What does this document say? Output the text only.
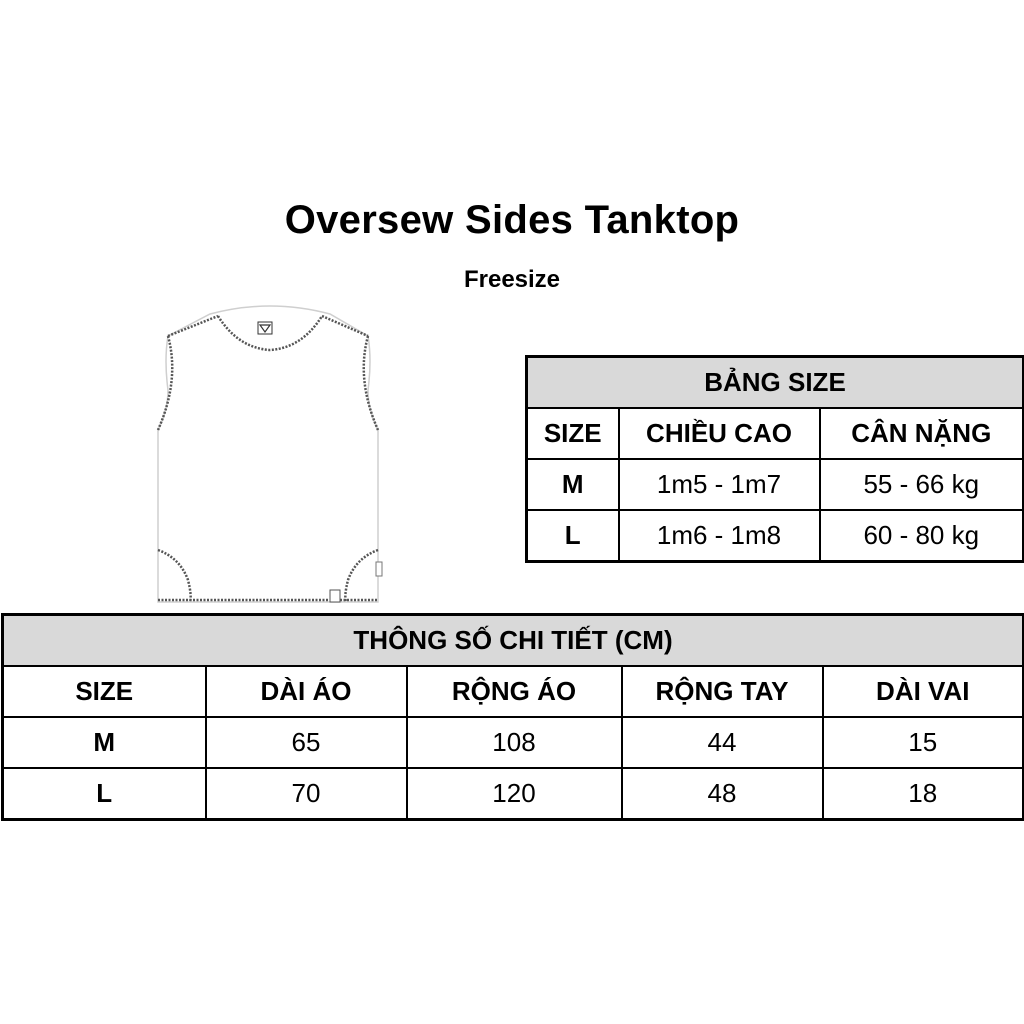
Oversew Sides Tanktop
Freesize
BẢNG SIZE		
SIZE	CHIỀU CAO	CÂN NẶNG
M	1m5 - 1m7	55 - 66 kg
L	1m6 - 1m8	60 - 80 kg
THÔNG SỐ CHI TIẾT (CM)				
SIZE	DÀI ÁO	RỘNG ÁO	RỘNG TAY	DÀI VAI
M	65	108	44	15
L	70	120	48	18
